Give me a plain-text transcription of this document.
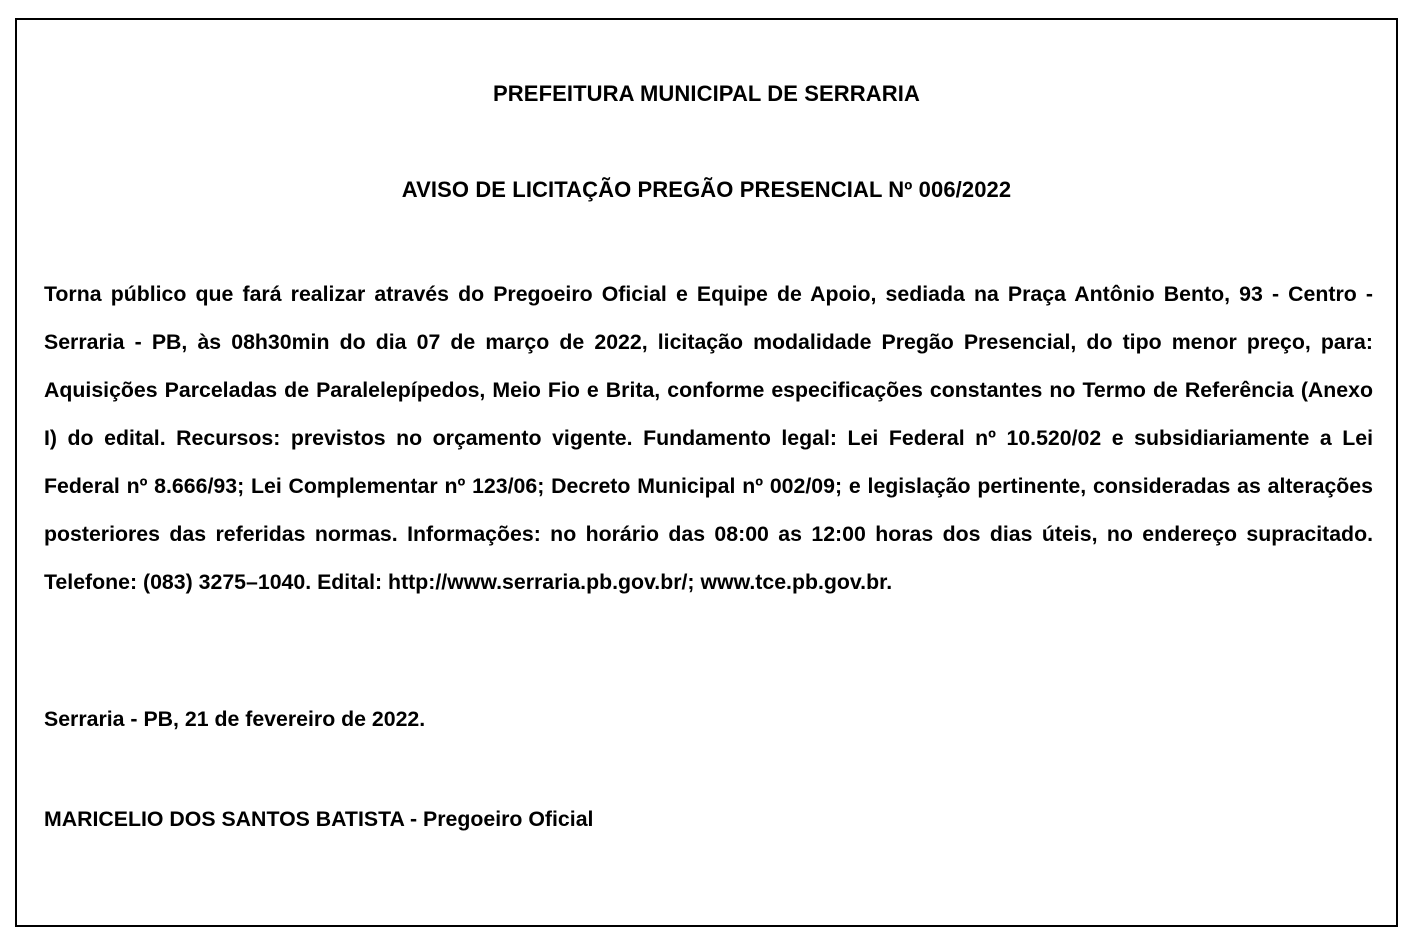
PREFEITURA MUNICIPAL DE SERRARIA
AVISO DE LICITAÇÃO PREGÃO PRESENCIAL Nº 006/2022

Torna público que fará realizar através do Pregoeiro Oficial e Equipe de Apoio, sediada na Praça Antônio Bento, 93 - Centro - Serraria - PB, às 08h30min do dia 07 de março de 2022, licitação modalidade Pregão Presencial, do tipo menor preço, para: Aquisições Parceladas de Paralelepípedos, Meio Fio e Brita, conforme especificações constantes no Termo de Referência (Anexo I) do edital. Recursos: previstos no orçamento vigente. Fundamento legal: Lei Federal nº 10.520/02 e subsidiariamente a Lei Federal nº 8.666/93; Lei Complementar nº 123/06; Decreto Municipal nº 002/09; e legislação pertinente, consideradas as alterações posteriores das referidas normas. Informações: no horário das 08:00 as 12:00 horas dos dias úteis, no endereço supracitado. Telefone: (083) 3275–1040. Edital: http://www.serraria.pb.gov.br/; www.tce.pb.gov.br.

Serraria - PB, 21 de fevereiro de 2022.

MARICELIO DOS SANTOS BATISTA - Pregoeiro Oficial
